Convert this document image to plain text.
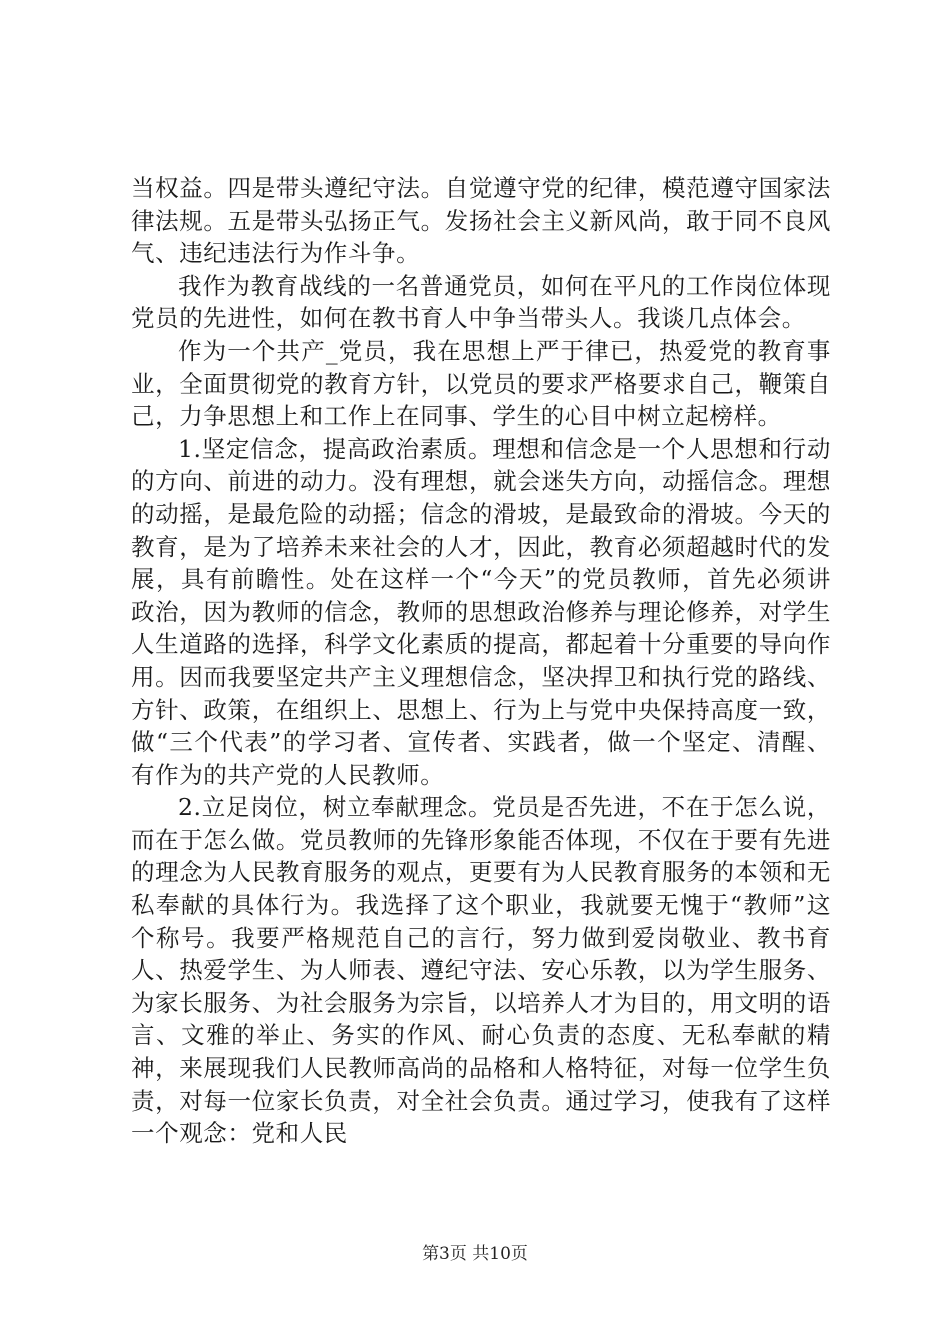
当权益。四是带头遵纪守法。自觉遵守党的纪律，模范遵守国家法律法规。五是带头弘扬正气。发扬社会主义新风尚，敢于同不良风气、违纪违法行为作斗争。

我作为教育战线的一名普通党员，如何在平凡的工作岗位体现党员的先进性，如何在教书育人中争当带头人。我谈几点体会。

作为一个共产_党员，我在思想上严于律已，热爱党的教育事业，全面贯彻党的教育方针，以党员的要求严格要求自己，鞭策自己，力争思想上和工作上在同事、学生的心目中树立起榜样。

1.坚定信念，提高政治素质。理想和信念是一个人思想和行动的方向、前进的动力。没有理想，就会迷失方向，动摇信念。理想的动摇，是最危险的动摇；信念的滑坡，是最致命的滑坡。今天的教育，是为了培养未来社会的人才，因此，教育必须超越时代的发展，具有前瞻性。处在这样一个“今天”的党员教师，首先必须讲政治，因为教师的信念，教师的思想政治修养与理论修养，对学生人生道路的选择，科学文化素质的提高，都起着十分重要的导向作用。因而我要坚定共产主义理想信念，坚决捍卫和执行党的路线、方针、政策，在组织上、思想上、行为上与党中央保持高度一致，做“三个代表”的学习者、宣传者、实践者，做一个坚定、清醒、有作为的共产党的人民教师。

2.立足岗位，树立奉献理念。党员是否先进，不在于怎么说，而在于怎么做。党员教师的先锋形象能否体现，不仅在于要有先进的理念为人民教育服务的观点，更要有为人民教育服务的本领和无私奉献的具体行为。我选择了这个职业，我就要无愧于“教师”这个称号。我要严格规范自己的言行，努力做到爱岗敬业、教书育人、热爱学生、为人师表、遵纪守法、安心乐教，以为学生服务、为家长服务、为社会服务为宗旨，以培养人才为目的，用文明的语言、文雅的举止、务实的作风、耐心负责的态度、无私奉献的精神，来展现我们人民教师高尚的品格和人格特征，对每一位学生负责，对每一位家长负责，对全社会负责。通过学习，使我有了这样一个观念：党和人民

第3页 共10页
